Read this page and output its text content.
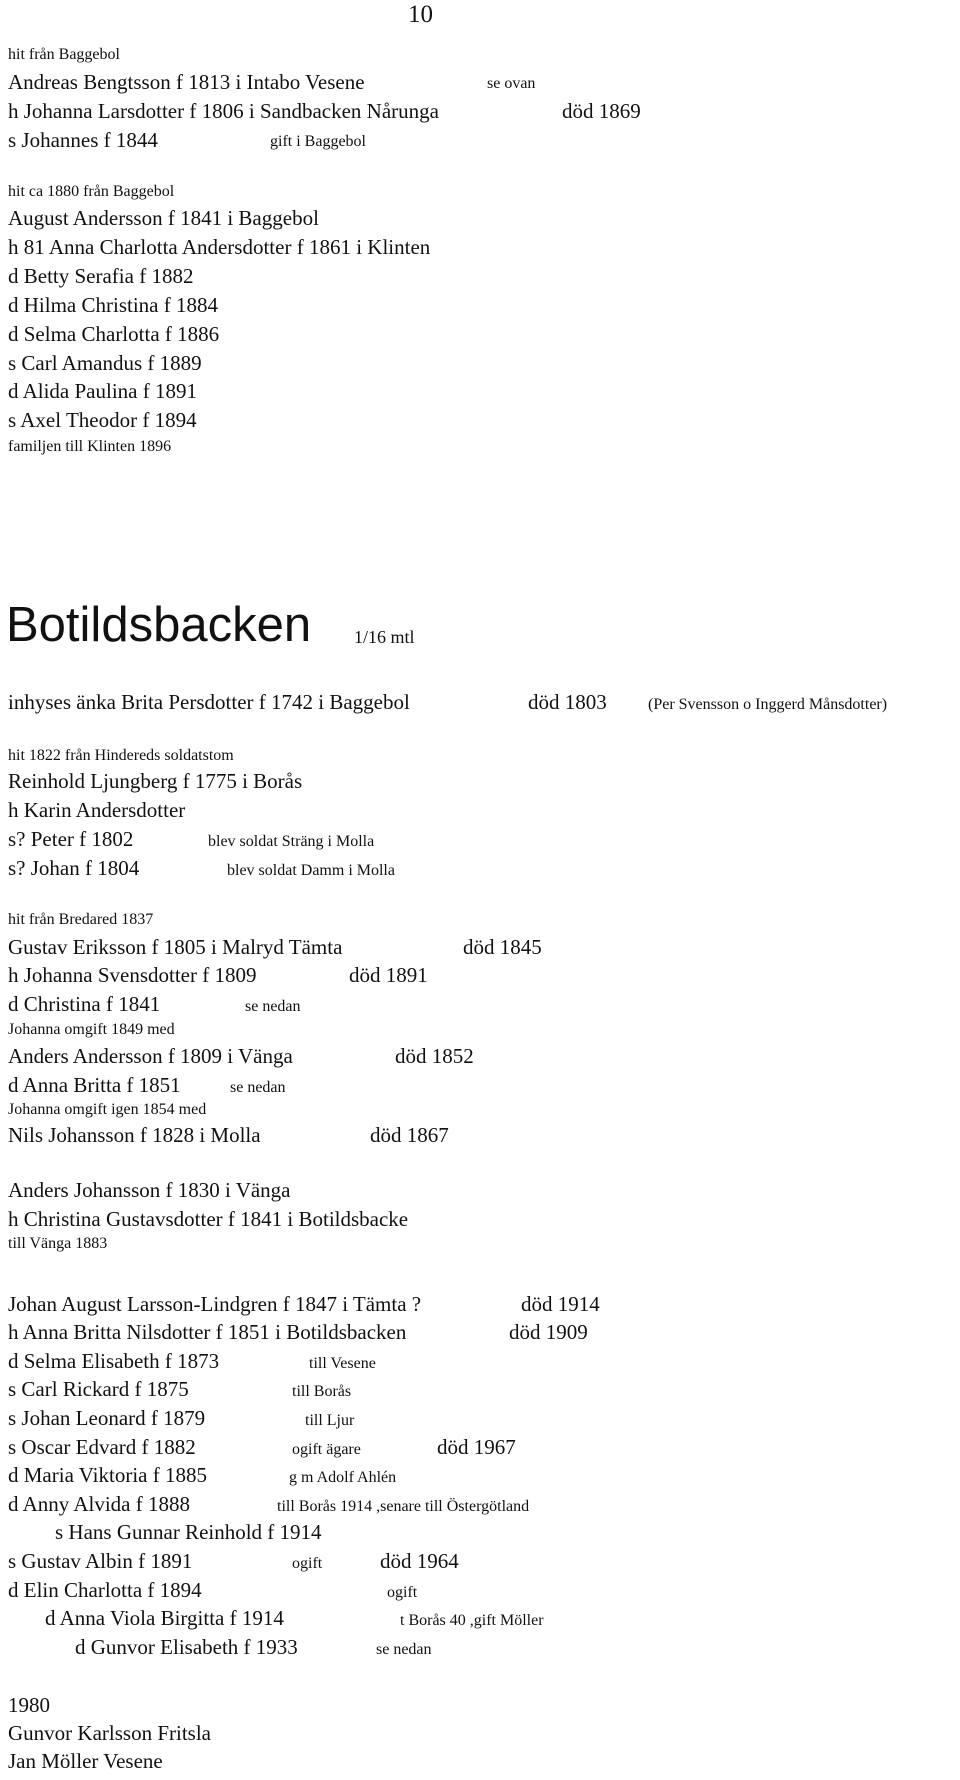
10
hit från Baggebol
Andreas Bengtsson f 1813 i Intabo Vesene	se ovan
h Johanna Larsdotter f 1806 i Sandbacken Nårunga	död 1869
s Johannes f 1844	gift i Baggebol
hit ca 1880 från Baggebol
August Andersson f 1841 i Baggebol
h 81 Anna Charlotta Andersdotter f 1861 i Klinten
d Betty Serafia f 1882
d Hilma Christina f 1884
d Selma Charlotta f 1886
s Carl Amandus f 1889
d Alida Paulina f 1891
s Axel Theodor f 1894
familjen till Klinten 1896
Botildsbacken 1/16 mtl
inhyses änka Brita Persdotter f 1742 i Baggebol	död 1803	(Per Svensson o Inggerd Månsdotter)
hit 1822 från Hindereds soldatstom
Reinhold Ljungberg f 1775 i Borås
h Karin Andersdotter
s? Peter f 1802	blev soldat Sträng i Molla
s? Johan f 1804	blev soldat Damm i Molla
hit från Bredared 1837
Gustav Eriksson f 1805 i Malryd Tämta	död 1845
h Johanna Svensdotter f 1809	död 1891
d Christina f 1841	se nedan
Johanna omgift 1849 med
Anders Andersson f 1809 i Vänga	död 1852
d Anna Britta f 1851	se nedan
Johanna omgift igen 1854 med
Nils Johansson f 1828 i Molla	död 1867
Anders Johansson f 1830 i Vänga
h Christina Gustavsdotter f 1841 i Botildsbacke
till Vänga 1883
Johan August Larsson-Lindgren f 1847 i Tämta ?	död 1914
h Anna Britta Nilsdotter f 1851 i Botildsbacken	död 1909
d Selma Elisabeth f 1873	till Vesene
s Carl Rickard f 1875	till Borås
s Johan Leonard f 1879	till Ljur
s Oscar Edvard f 1882	ogift ägare	död 1967
d Maria Viktoria f 1885	g m Adolf Ahlén
d Anny Alvida f 1888	till Borås 1914 ,senare till Östergötland
s Hans Gunnar Reinhold f 1914
s Gustav Albin f 1891	ogift	död 1964
d Elin Charlotta f 1894	ogift
d Anna Viola Birgitta f 1914	t Borås 40 ,gift Möller
d Gunvor Elisabeth f 1933	se nedan
1980
Gunvor Karlsson Fritsla
Jan Möller Vesene
